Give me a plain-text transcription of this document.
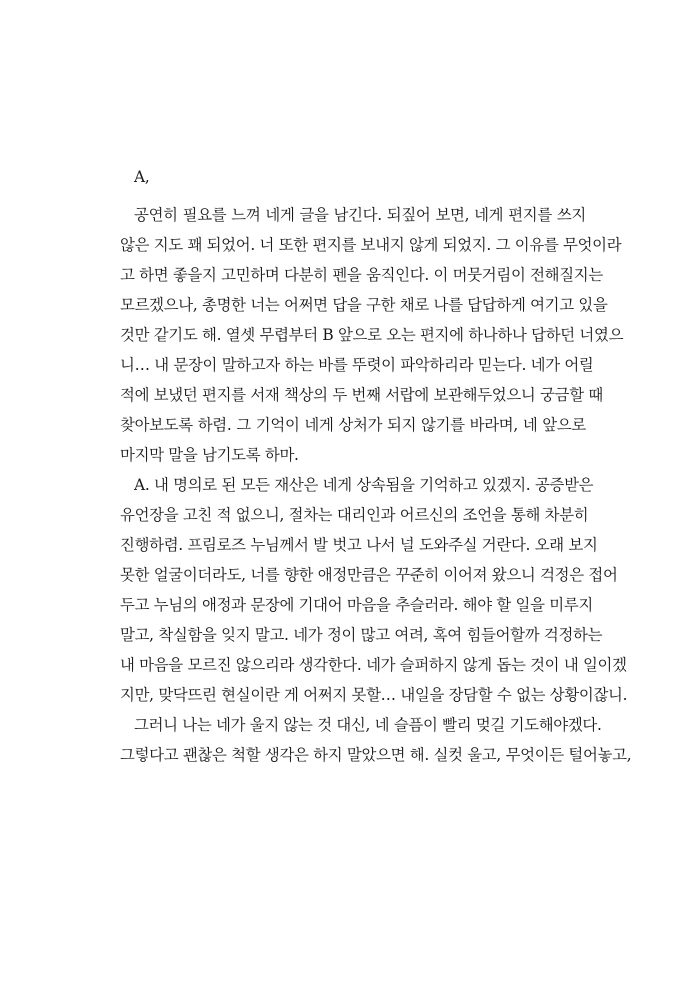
A,
공연히 필요를 느껴 네게 글을 남긴다. 되짚어 보면, 네게 편지를 쓰지
않은 지도 꽤 되었어. 너 또한 편지를 보내지 않게 되었지. 그 이유를 무엇이라
고 하면 좋을지 고민하며 다분히 펜을 움직인다. 이 머뭇거림이 전해질지는
모르겠으나, 총명한 너는 어쩌면 답을 구한 채로 나를 답답하게 여기고 있을
것만 같기도 해. 열셋 무렵부터 B 앞으로 오는 편지에 하나하나 답하던 너였으
니… 내 문장이 말하고자 하는 바를 뚜렷이 파악하리라 믿는다. 네가 어릴
적에 보냈던 편지를 서재 책상의 두 번째 서랍에 보관해두었으니 궁금할 때
찾아보도록 하렴. 그 기억이 네게 상처가 되지 않기를 바라며, 네 앞으로
마지막 말을 남기도록 하마.
A. 내 명의로 된 모든 재산은 네게 상속됨을 기억하고 있겠지. 공증받은
유언장을 고친 적 없으니, 절차는 대리인과 어르신의 조언을 통해 차분히
진행하렴. 프림로즈 누님께서 발 벗고 나서 널 도와주실 거란다. 오래 보지
못한 얼굴이더라도, 너를 향한 애정만큼은 꾸준히 이어져 왔으니 걱정은 접어
두고 누님의 애정과 문장에 기대어 마음을 추슬러라. 해야 할 일을 미루지
말고, 착실함을 잊지 말고. 네가 정이 많고 여려, 혹여 힘들어할까 걱정하는
내 마음을 모르진 않으리라 생각한다. 네가 슬퍼하지 않게 돕는 것이 내 일이겠
지만, 맞닥뜨린 현실이란 게 어쩌지 못할… 내일을 장담할 수 없는 상황이잖니.
그러니 나는 네가 울지 않는 것 대신, 네 슬픔이 빨리 멎길 기도해야겠다.
그렇다고 괜찮은 척할 생각은 하지 말았으면 해. 실컷 울고, 무엇이든 털어놓고,
